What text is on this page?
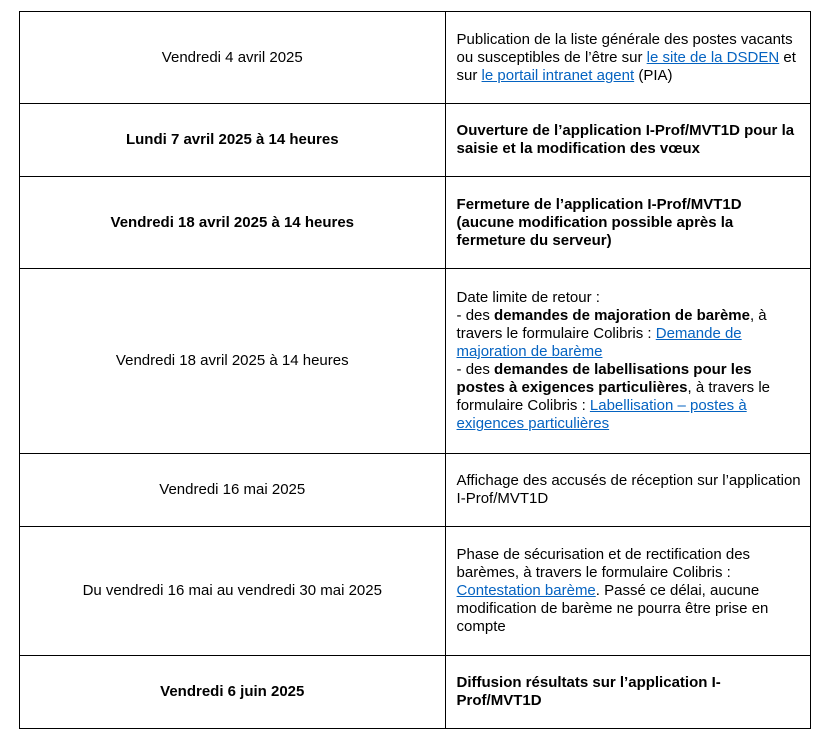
Vendredi 4 avril 2025	Publication de la liste générale des postes vacants ou susceptibles de l’être sur le site de la DSDEN et sur le portail intranet agent (PIA)
Lundi 7 avril 2025 à 14 heures	Ouverture de l’application I-Prof/MVT1D pour la saisie et la modification des vœux
Vendredi 18 avril 2025 à 14 heures	Fermeture de l’application I-Prof/MVT1D
(aucune modification possible après la fermeture du serveur)

Vendredi 18 avril 2025 à 14 heures	Date limite de retour :
- des demandes de majoration de barème, à travers le formulaire Colibris : Demande de majoration de barème
- des demandes de labellisations pour les postes à exigences particulières, à travers le formulaire Colibris : Labellisation – postes à exigences particulières

Vendredi 16 mai 2025	Affichage des accusés de réception sur l’application I-Prof/MVT1D
Du vendredi 16 mai au vendredi 30 mai 2025	Phase de sécurisation et de rectification des barèmes, à travers le formulaire Colibris : Contestation barème. Passé ce délai, aucune modification de barème ne pourra être prise en compte
Vendredi 6 juin 2025	Diffusion résultats sur l’application I-Prof/MVT1D
